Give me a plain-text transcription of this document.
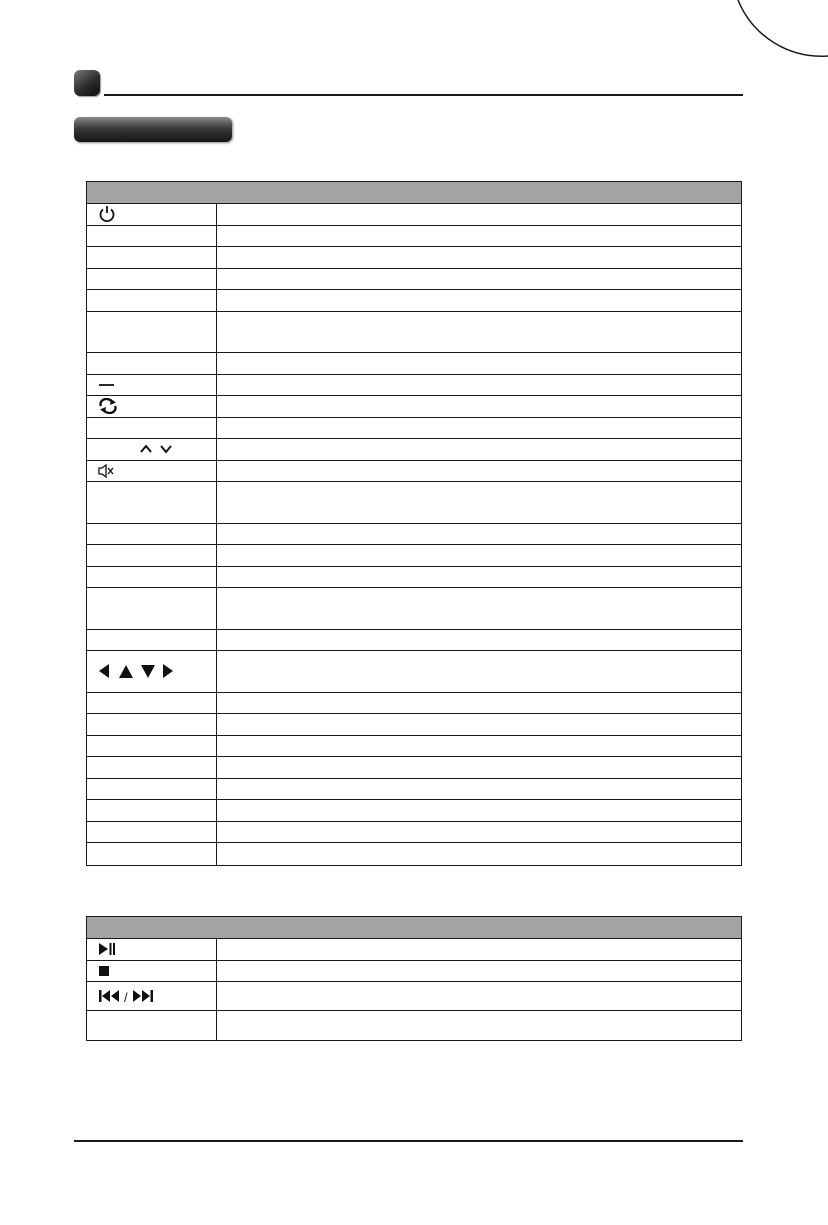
/
